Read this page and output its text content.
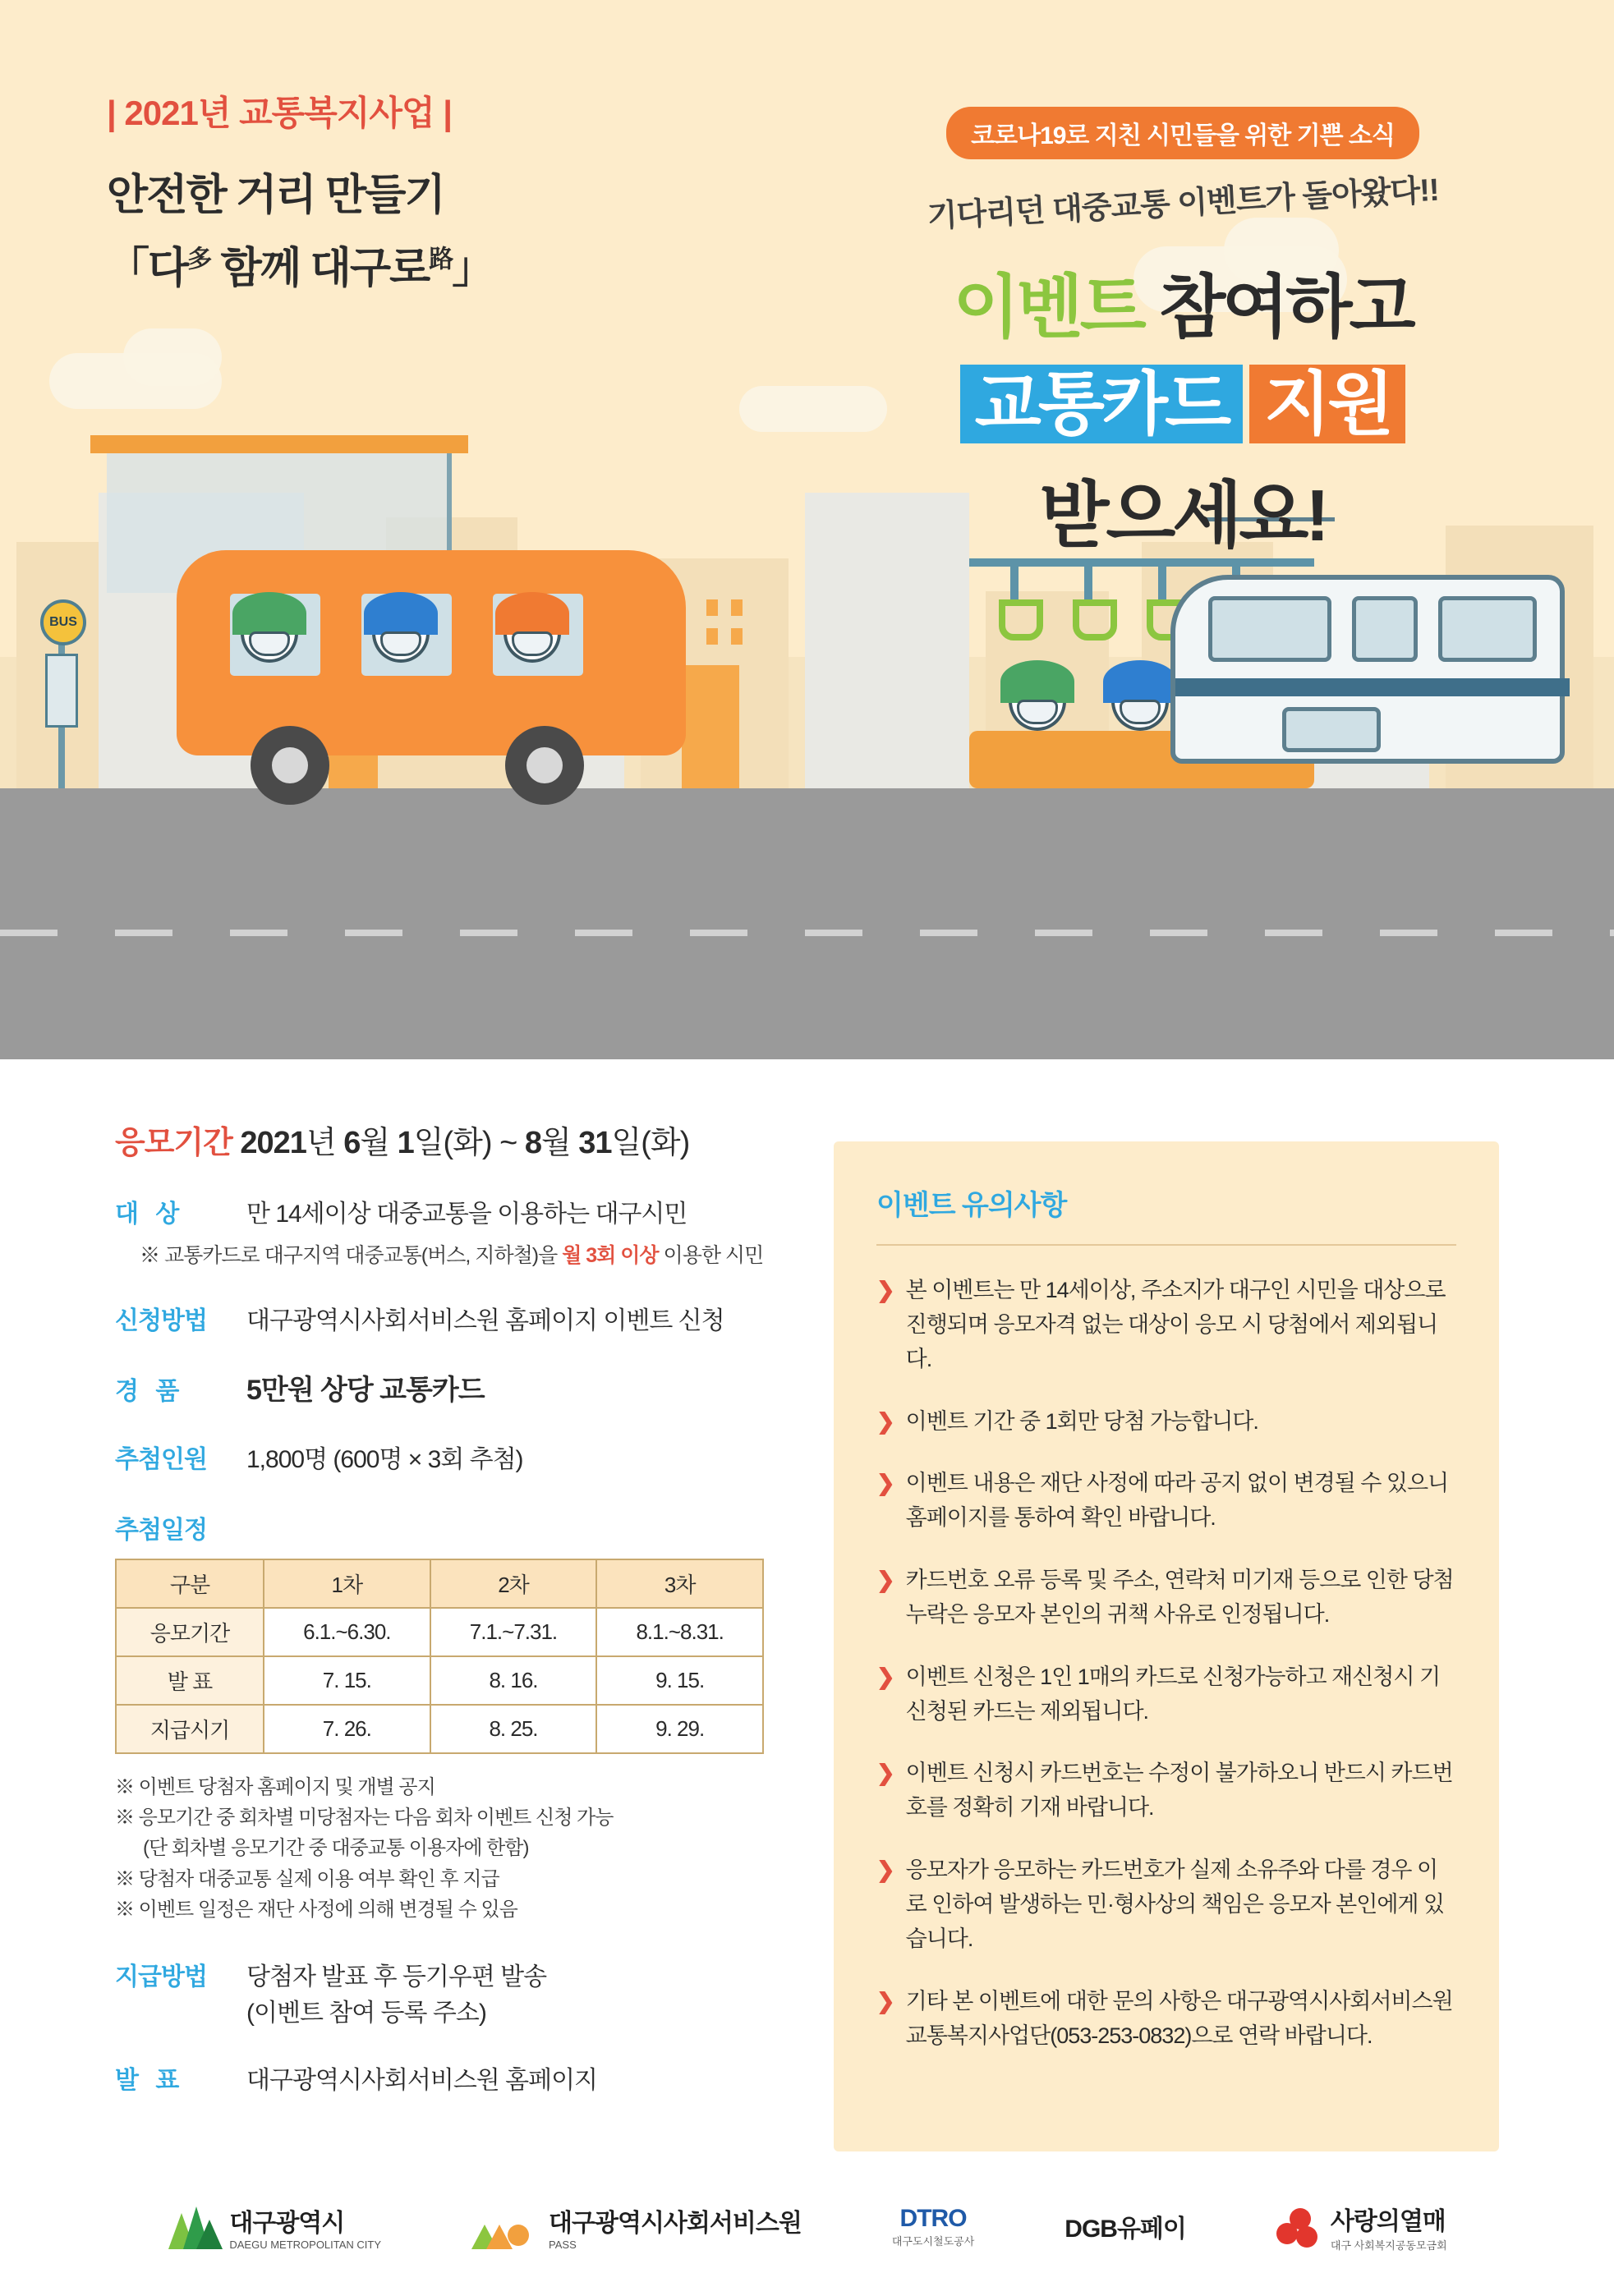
BUS
| 2021년 교통복지사업 |
안전한 거리 만들기
「다$^多$ 함께 대구로$^路$」
코로나19로 지친 시민들을 위한 기쁜 소식
기다리던 대중교통 이벤트가 돌아왔다!!
이벤트 참여하고
교통카드 지원
받으세요!
응모기간 2021년 6월 1일(화) ~ 8월 31일(화)
대 상	만 14세이상 대중교통을 이용하는 대구시민
※ 교통카드로 대구지역 대중교통(버스, 지하철)을 월 3회 이상 이용한 시민
신청방법	대구광역시사회서비스원 홈페이지 이벤트 신청
경 품	5만원 상당 교통카드
추첨인원	1,800명 (600명 × 3회 추첨)
추첨일정
구분	1차	2차	3차
응모기간	6.1.~6.30.	7.1.~7.31.	8.1.~8.31.
발 표	7. 15.	8. 16.	9. 15.
지급시기	7. 26.	8. 25.	9. 29.
※ 이벤트 당첨자 홈페이지 및 개별 공지
※ 응모기간 중 회차별 미당첨자는 다음 회차 이벤트 신청 가능
(단 회차별 응모기간 중 대중교통 이용자에 한함)
※ 당첨자 대중교통 실제 이용 여부 확인 후 지급
※ 이벤트 일정은 재단 사정에 의해 변경될 수 있음
지급방법	당첨자 발표 후 등기우편 발송
(이벤트 참여 등록 주소)
발 표	대구광역시사회서비스원 홈페이지
이벤트 유의사항
❯ 본 이벤트는 만 14세이상, 주소지가 대구인 시민을 대상으로 진행되며 응모자격 없는 대상이 응모 시 당첨에서 제외됩니다.
❯ 이벤트 기간 중 1회만 당첨 가능합니다.
❯ 이벤트 내용은 재단 사정에 따라 공지 없이 변경될 수 있으니 홈페이지를 통하여 확인 바랍니다.
❯ 카드번호 오류 등록 및 주소, 연락처 미기재 등으로 인한 당첨 누락은 응모자 본인의 귀책 사유로 인정됩니다.
❯ 이벤트 신청은 1인 1매의 카드로 신청가능하고 재신청시 기 신청된 카드는 제외됩니다.
❯ 이벤트 신청시 카드번호는 수정이 불가하오니 반드시 카드번호를 정확히 기재 바랍니다.
❯ 응모자가 응모하는 카드번호가 실제 소유주와 다를 경우 이로 인하여 발생하는 민·형사상의 책임은 응모자 본인에게 있습니다.
❯ 기타 본 이벤트에 대한 문의 사항은 대구광역시사회서비스원 교통복지사업단(053-253-0832)으로 연락 바랍니다.
대구광역시
DAEGU METROPOLITAN CITY
대구광역시사회서비스원
PASS
DTRO
대구도시철도공사	DGB유페이	사랑의열매
대구 사회복지공동모금회
